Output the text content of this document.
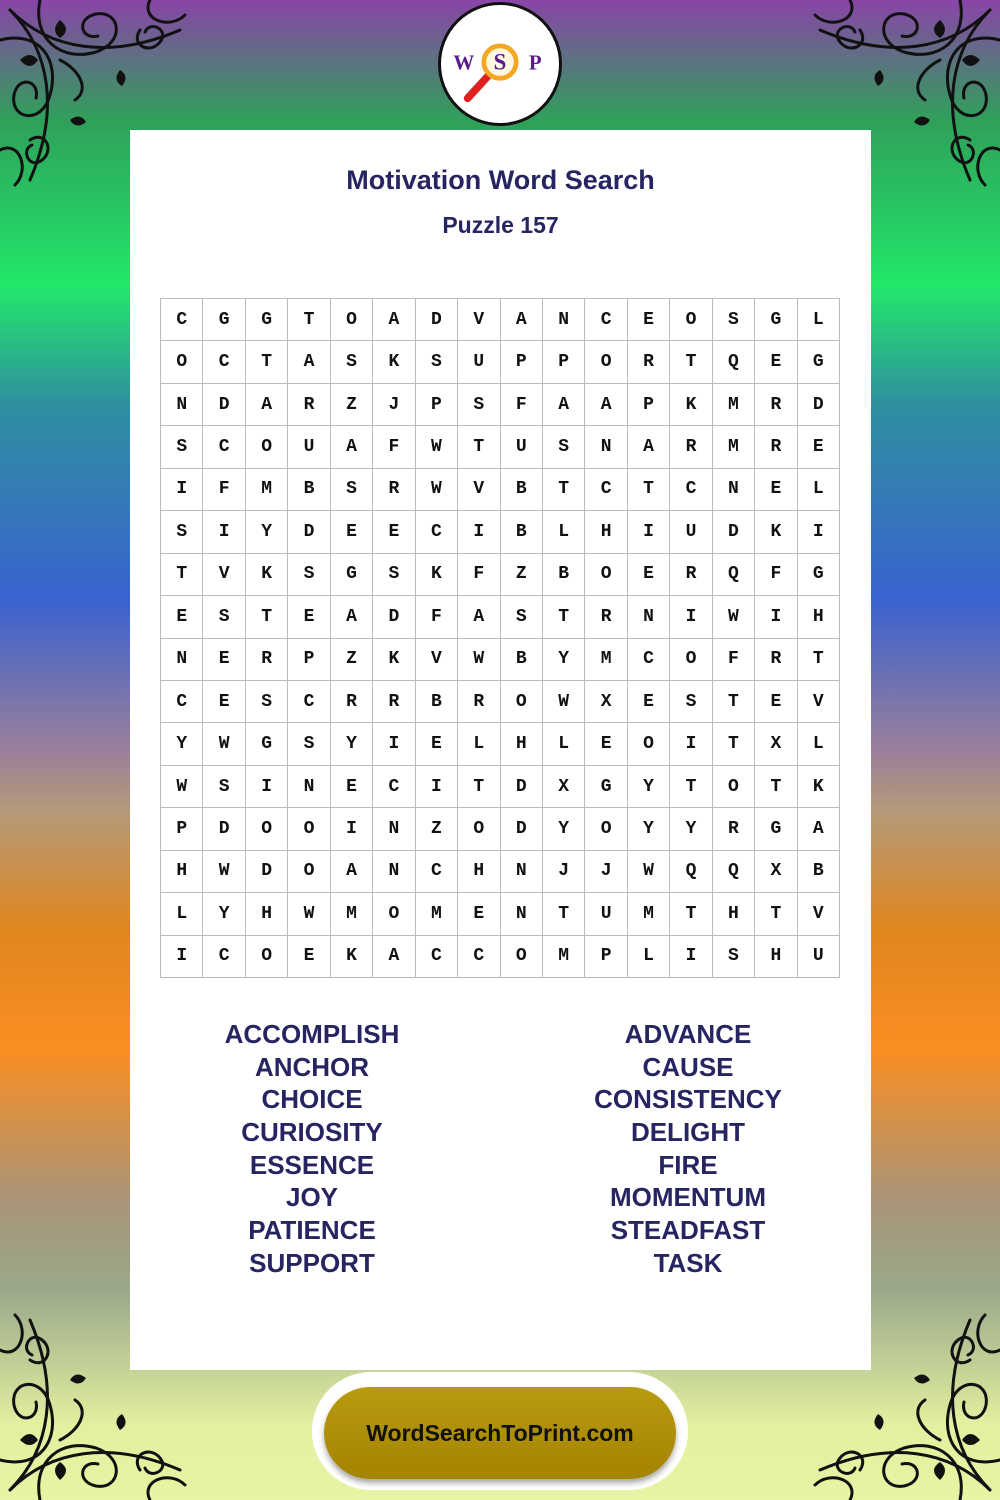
W S P
Motivation Word Search
Puzzle 157
C	G	G	T	O	A	D	V	A	N	C	E	O	S	G	L
O	C	T	A	S	K	S	U	P	P	O	R	T	Q	E	G
N	D	A	R	Z	J	P	S	F	A	A	P	K	M	R	D
S	C	O	U	A	F	W	T	U	S	N	A	R	M	R	E
I	F	M	B	S	R	W	V	B	T	C	T	C	N	E	L
S	I	Y	D	E	E	C	I	B	L	H	I	U	D	K	I
T	V	K	S	G	S	K	F	Z	B	O	E	R	Q	F	G
E	S	T	E	A	D	F	A	S	T	R	N	I	W	I	H
N	E	R	P	Z	K	V	W	B	Y	M	C	O	F	R	T
C	E	S	C	R	R	B	R	O	W	X	E	S	T	E	V
Y	W	G	S	Y	I	E	L	H	L	E	O	I	T	X	L
W	S	I	N	E	C	I	T	D	X	G	Y	T	O	T	K
P	D	O	O	I	N	Z	O	D	Y	O	Y	Y	R	G	A
H	W	D	O	A	N	C	H	N	J	J	W	Q	Q	X	B
L	Y	H	W	M	O	M	E	N	T	U	M	T	H	T	V
I	C	O	E	K	A	C	C	O	M	P	L	I	S	H	U
ACCOMPLISH
ANCHOR
CHOICE
CURIOSITY
ESSENCE
JOY
PATIENCE
SUPPORT
ADVANCE
CAUSE
CONSISTENCY
DELIGHT
FIRE
MOMENTUM
STEADFAST
TASK
WordSearchToPrint.com
